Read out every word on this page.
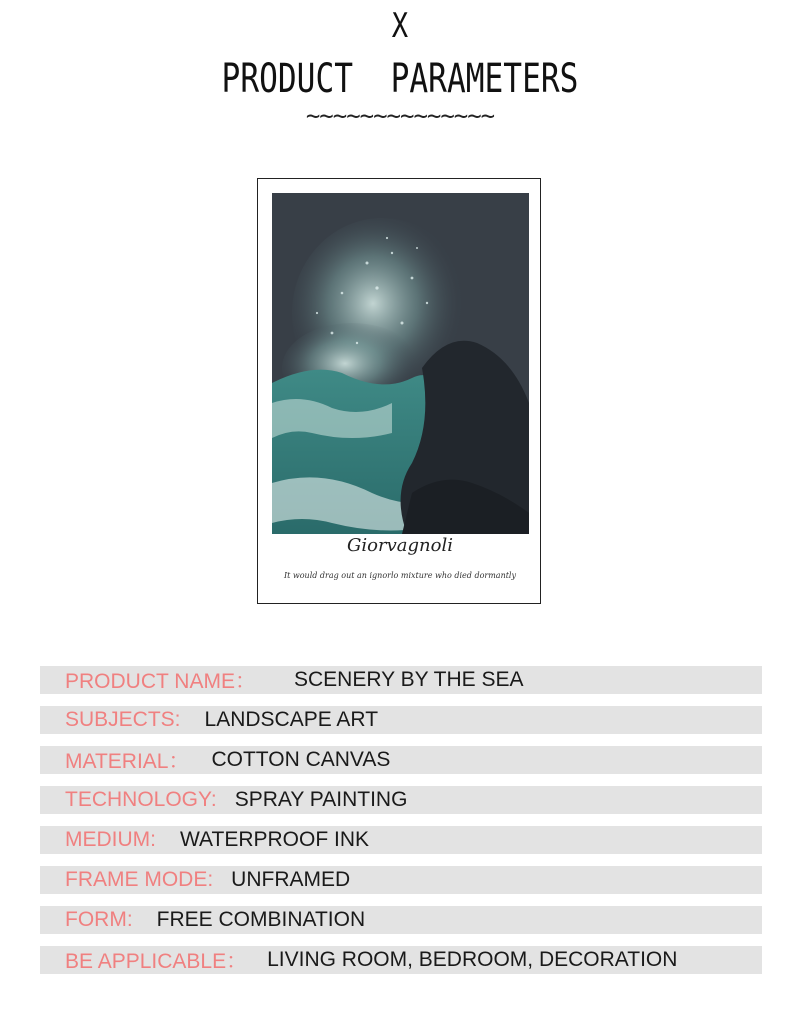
X
PRODUCT  PARAMETERS
~~~~~~~~~~~~~~
Giorvagnoli
It would drag out an ignorlo mixture who died dormantly
PRODUCT NAME： SCENERY BY THE SEA
SUBJECTS: LANDSCAPE ART
MATERIAL： COTTON CANVAS
TECHNOLOGY: SPRAY PAINTING
MEDIUM: WATERPROOF INK
FRAME MODE: UNFRAMED
FORM: FREE COMBINATION
BE APPLICABLE： LIVING ROOM, BEDROOM, DECORATION
